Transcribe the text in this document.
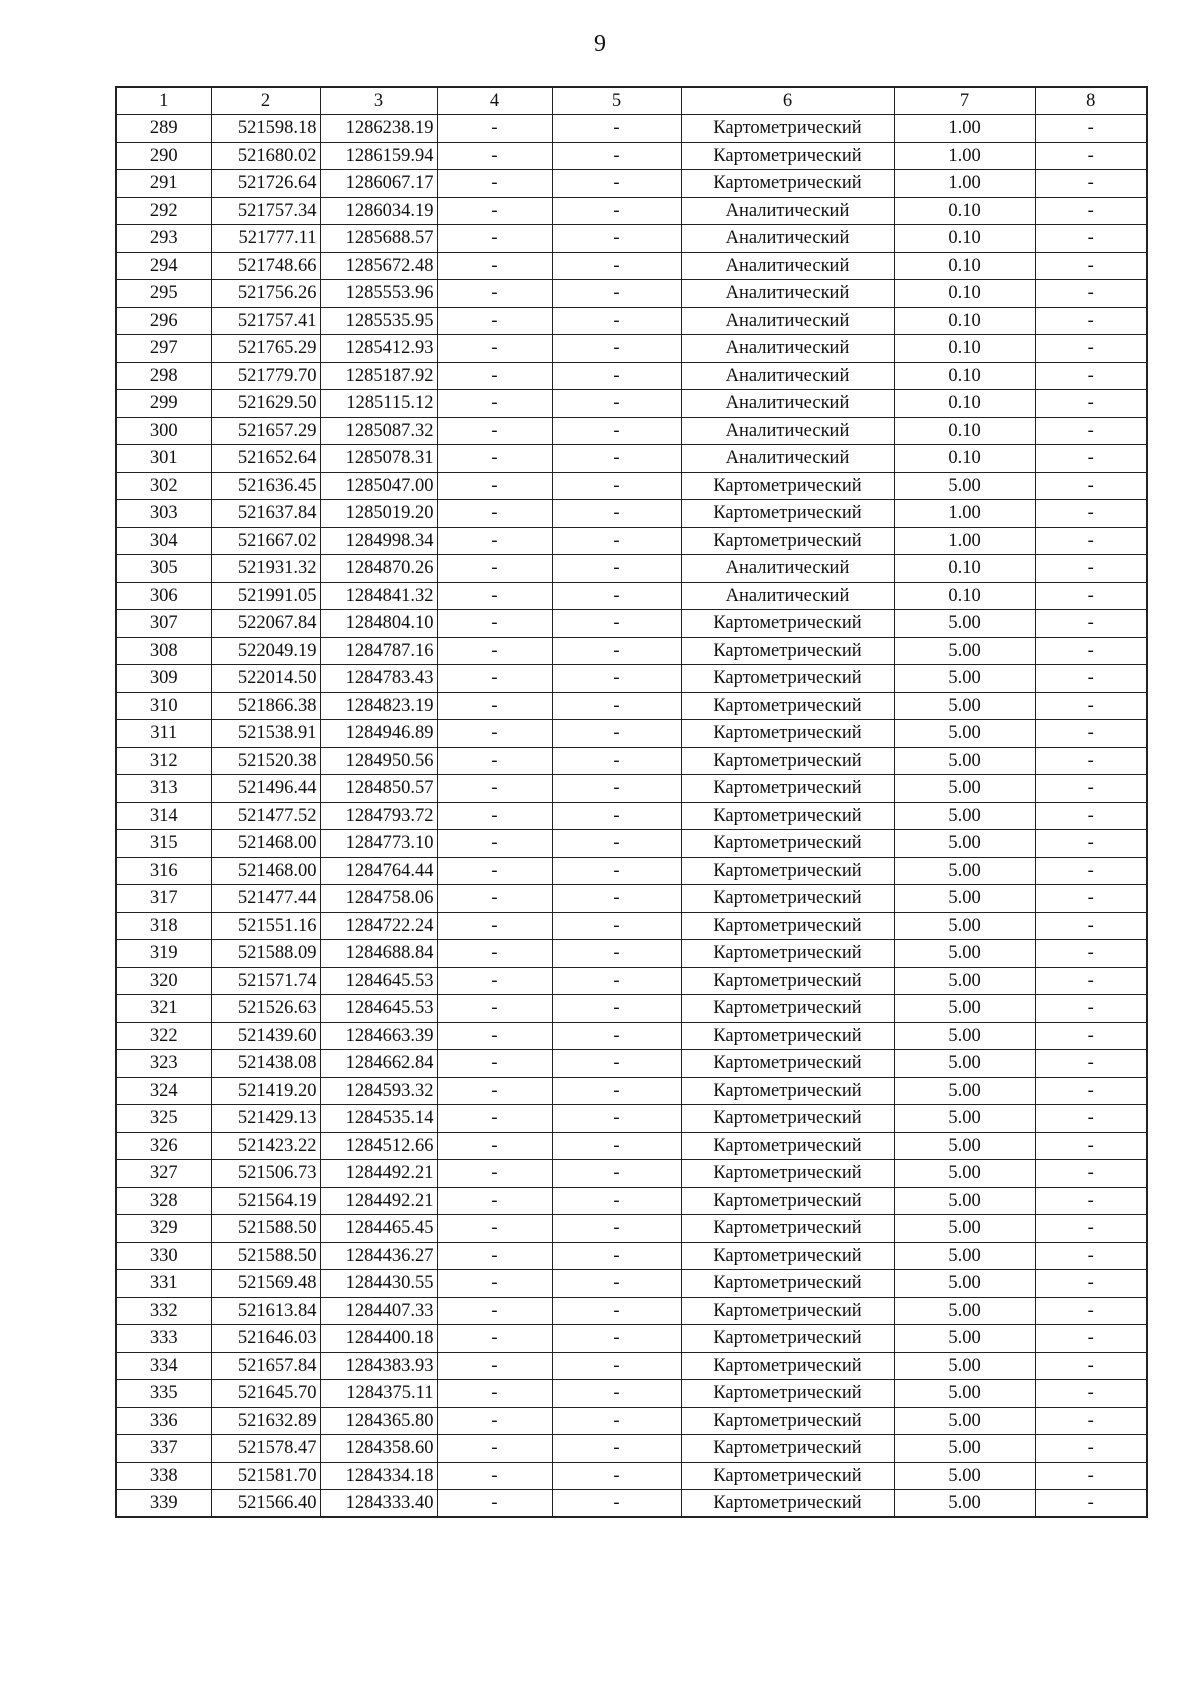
9
1	2	3	4	5	6	7	8
289	521598.18	1286238.19	-	-	Картометрический	1.00	-
290	521680.02	1286159.94	-	-	Картометрический	1.00	-
291	521726.64	1286067.17	-	-	Картометрический	1.00	-
292	521757.34	1286034.19	-	-	Аналитический	0.10	-
293	521777.11	1285688.57	-	-	Аналитический	0.10	-
294	521748.66	1285672.48	-	-	Аналитический	0.10	-
295	521756.26	1285553.96	-	-	Аналитический	0.10	-
296	521757.41	1285535.95	-	-	Аналитический	0.10	-
297	521765.29	1285412.93	-	-	Аналитический	0.10	-
298	521779.70	1285187.92	-	-	Аналитический	0.10	-
299	521629.50	1285115.12	-	-	Аналитический	0.10	-
300	521657.29	1285087.32	-	-	Аналитический	0.10	-
301	521652.64	1285078.31	-	-	Аналитический	0.10	-
302	521636.45	1285047.00	-	-	Картометрический	5.00	-
303	521637.84	1285019.20	-	-	Картометрический	1.00	-
304	521667.02	1284998.34	-	-	Картометрический	1.00	-
305	521931.32	1284870.26	-	-	Аналитический	0.10	-
306	521991.05	1284841.32	-	-	Аналитический	0.10	-
307	522067.84	1284804.10	-	-	Картометрический	5.00	-
308	522049.19	1284787.16	-	-	Картометрический	5.00	-
309	522014.50	1284783.43	-	-	Картометрический	5.00	-
310	521866.38	1284823.19	-	-	Картометрический	5.00	-
311	521538.91	1284946.89	-	-	Картометрический	5.00	-
312	521520.38	1284950.56	-	-	Картометрический	5.00	-
313	521496.44	1284850.57	-	-	Картометрический	5.00	-
314	521477.52	1284793.72	-	-	Картометрический	5.00	-
315	521468.00	1284773.10	-	-	Картометрический	5.00	-
316	521468.00	1284764.44	-	-	Картометрический	5.00	-
317	521477.44	1284758.06	-	-	Картометрический	5.00	-
318	521551.16	1284722.24	-	-	Картометрический	5.00	-
319	521588.09	1284688.84	-	-	Картометрический	5.00	-
320	521571.74	1284645.53	-	-	Картометрический	5.00	-
321	521526.63	1284645.53	-	-	Картометрический	5.00	-
322	521439.60	1284663.39	-	-	Картометрический	5.00	-
323	521438.08	1284662.84	-	-	Картометрический	5.00	-
324	521419.20	1284593.32	-	-	Картометрический	5.00	-
325	521429.13	1284535.14	-	-	Картометрический	5.00	-
326	521423.22	1284512.66	-	-	Картометрический	5.00	-
327	521506.73	1284492.21	-	-	Картометрический	5.00	-
328	521564.19	1284492.21	-	-	Картометрический	5.00	-
329	521588.50	1284465.45	-	-	Картометрический	5.00	-
330	521588.50	1284436.27	-	-	Картометрический	5.00	-
331	521569.48	1284430.55	-	-	Картометрический	5.00	-
332	521613.84	1284407.33	-	-	Картометрический	5.00	-
333	521646.03	1284400.18	-	-	Картометрический	5.00	-
334	521657.84	1284383.93	-	-	Картометрический	5.00	-
335	521645.70	1284375.11	-	-	Картометрический	5.00	-
336	521632.89	1284365.80	-	-	Картометрический	5.00	-
337	521578.47	1284358.60	-	-	Картометрический	5.00	-
338	521581.70	1284334.18	-	-	Картометрический	5.00	-
339	521566.40	1284333.40	-	-	Картометрический	5.00	-
